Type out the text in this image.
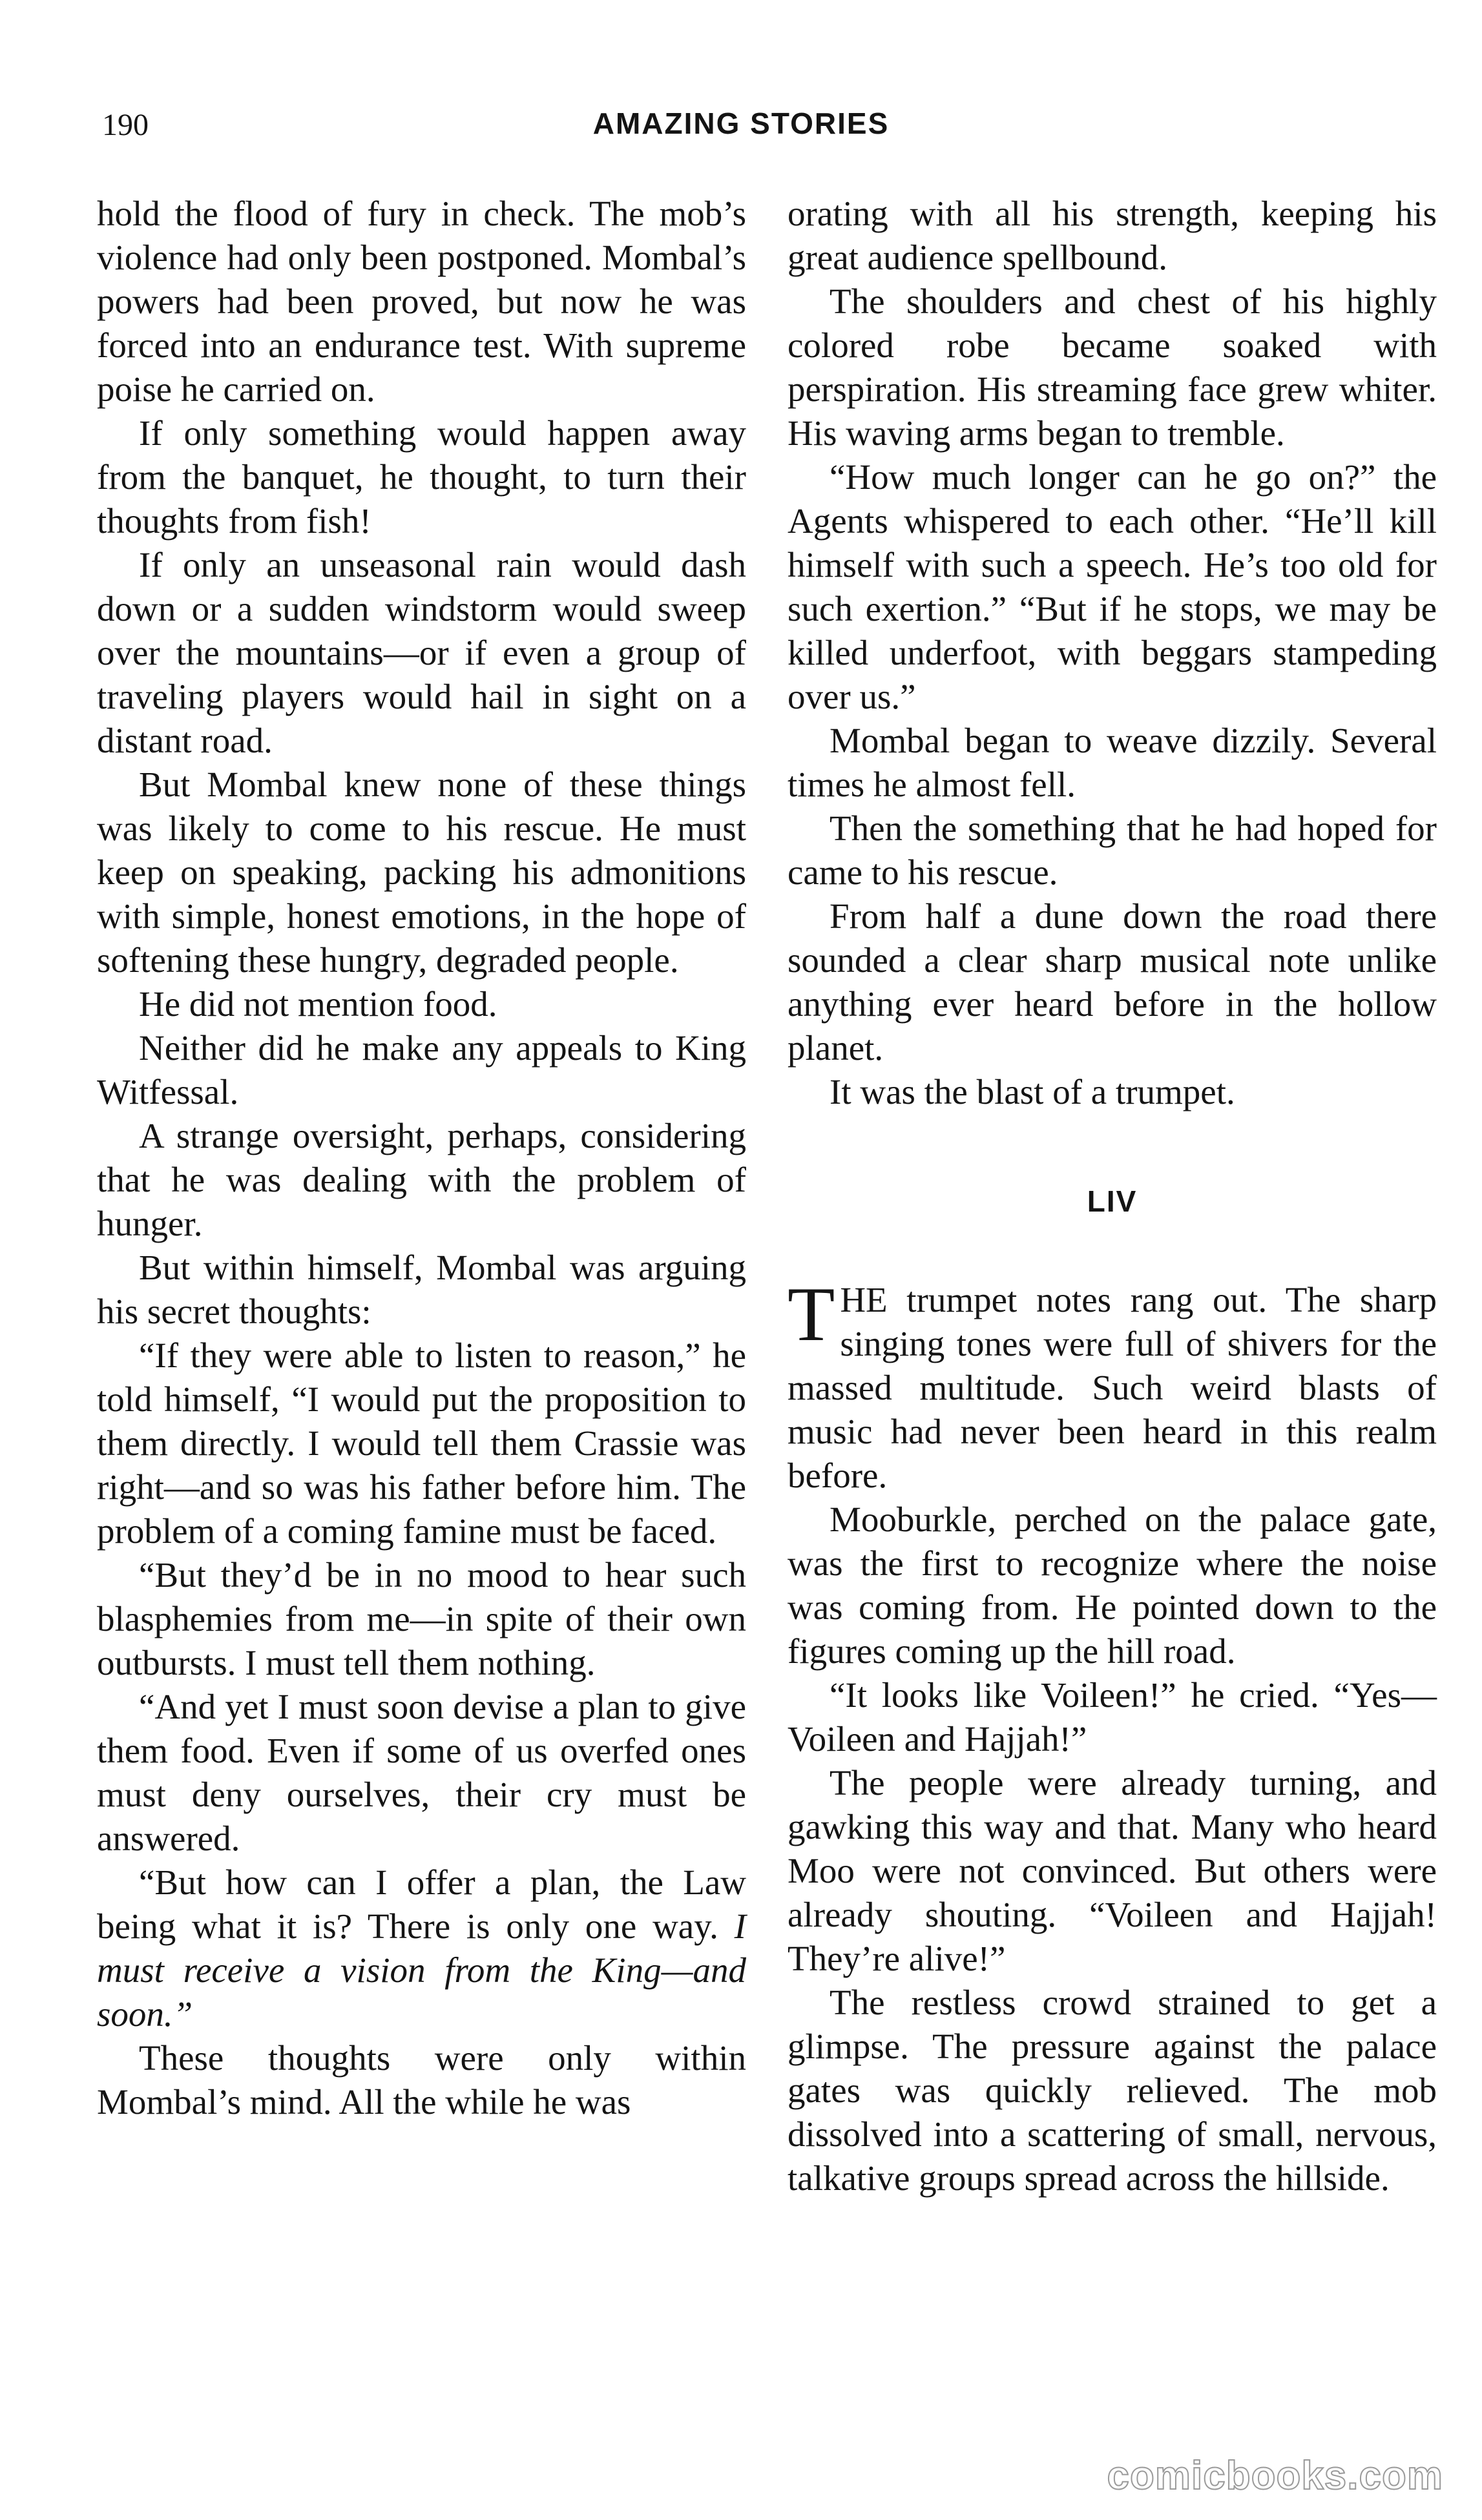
190	AMAZING STORIES

hold the flood of fury in check. The mob’s violence had only been postponed. Mombal’s powers had been proved, but now he was forced into an endurance test. With supreme poise he carried on.

If only something would happen away from the banquet, he thought, to turn their thoughts from fish!

If only an unseasonal rain would dash down or a sudden windstorm would sweep over the mountains—or if even a group of traveling players would hail in sight on a distant road.

But Mombal knew none of these things was likely to come to his rescue. He must keep on speaking, packing his admonitions with simple, honest emotions, in the hope of softening these hungry, degraded people.

He did not mention food.

Neither did he make any appeals to King Witfessal.

A strange oversight, perhaps, considering that he was dealing with the problem of hunger.

But within himself, Mombal was arguing his secret thoughts:

“If they were able to listen to reason,” he told himself, “I would put the proposition to them directly. I would tell them Crassie was right—and so was his father before him. The problem of a coming famine must be faced.

“But they’d be in no mood to hear such blasphemies from me—in spite of their own outbursts. I must tell them nothing.

“And yet I must soon devise a plan to give them food. Even if some of us overfed ones must deny ourselves, their cry must be answered.

“But how can I offer a plan, the Law being what it is? There is only one way. I must receive a vision from the King—and soon.”

These thoughts were only within Mombal’s mind. All the while he was

orating with all his strength, keeping his great audience spellbound.

The shoulders and chest of his highly colored robe became soaked with perspiration. His streaming face grew whiter. His waving arms began to tremble.

“How much longer can he go on?” the Agents whispered to each other. “He’ll kill himself with such a speech. He’s too old for such exertion.” “But if he stops, we may be killed underfoot, with beggars stampeding over us.”

Mombal began to weave dizzily. Several times he almost fell.

Then the something that he had hoped for came to his rescue.

From half a dune down the road there sounded a clear sharp musical note unlike anything ever heard before in the hollow planet.

It was the blast of a trumpet.

LIV

THE trumpet notes rang out. The sharp singing tones were full of shivers for the massed multitude. Such weird blasts of music had never been heard in this realm before.

Mooburkle, perched on the palace gate, was the first to recognize where the noise was coming from. He pointed down to the figures coming up the hill road.

“It looks like Voileen!” he cried. “Yes—Voileen and Hajjah!”

The people were already turning, and gawking this way and that. Many who heard Moo were not convinced. But others were already shouting. “Voileen and Hajjah! They’re alive!”

The restless crowd strained to get a glimpse. The pressure against the palace gates was quickly relieved. The mob dissolved into a scattering of small, nervous, talkative groups spread across the hillside.

comicbooks.com
